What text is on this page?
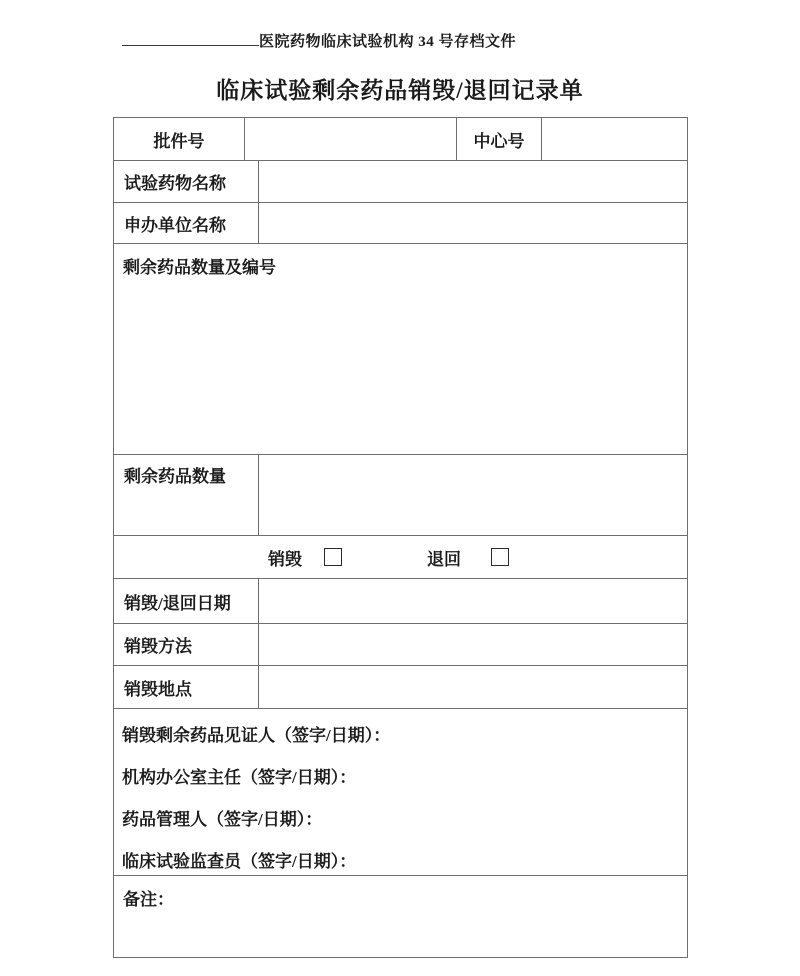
医院药物临床试验机构 34 号存档文件
临床试验剩余药品销毁/退回记录单
批件号	中心号
试验药物名称
申办单位名称
剩余药品数量及编号
剩余药品数量
销毁	退回
销毁/退回日期
销毁方法
销毁地点
销毁剩余药品见证人（签字/日期）：
机构办公室主任（签字/日期）：
药品管理人（签字/日期）：
临床试验监查员（签字/日期）：
备注：
